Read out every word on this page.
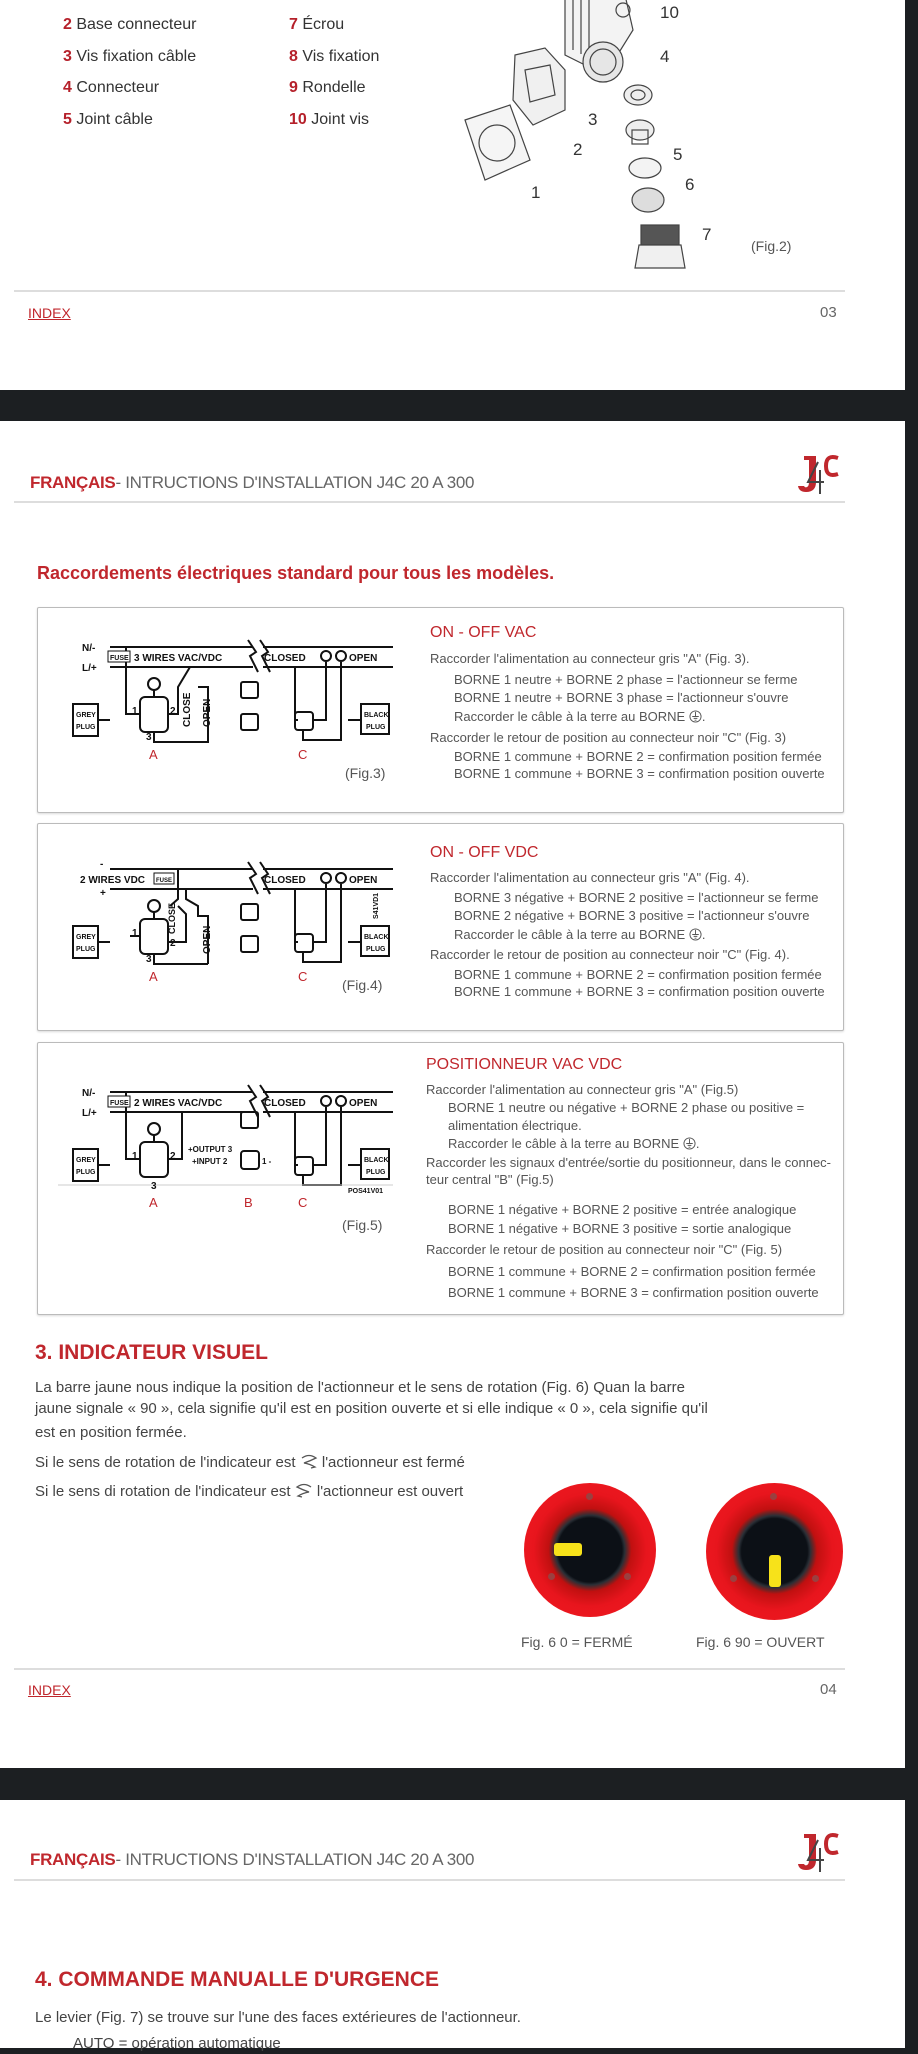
2 Base connecteur
3 Vis fixation câble
4 Connecteur
5 Joint câble
7 Écrou
8 Vis fixation
9 Rondelle
10 Joint vis
10
4
3
2
1
5
6
7
(Fig.2)
INDEX	03
FRANÇAIS- INTRUCTIONS D'INSTALLATION J4C 20 A 300
Raccordements électriques standard pour tous les modèles.
N/-
L/+
FUSE 3 WIRES VAC/VDC	CLOSED	OPEN
GREY
PLUG
BLACK
PLUG
CLOSE OPEN
1	2
3
A	C
(Fig.3)
ON - OFF VAC
Raccorder l'alimentation au connecteur gris "A" (Fig. 3).
BORNE 1 neutre + BORNE 2 phase = l'actionneur se ferme
BORNE 1 neutre + BORNE 3 phase = l'actionneur s'ouvre
Raccorder le câble à la terre au BORNE .
Raccorder le retour de position au connecteur noir "C" (Fig. 3)
BORNE 1 commune + BORNE 2 = confirmation position fermée
BORNE 1 commune + BORNE 3 = confirmation position ouverte
-
+
2 WIRES VDC FUSE	CLOSED	OPEN
GREY
PLUG
BLACK
PLUG
CLOSE
OPEN
S41VD1
1
2
3
A	C
(Fig.4)
ON - OFF VDC
Raccorder l'alimentation au connecteur gris "A" (Fig. 4).
BORNE 3 négative + BORNE 2 positive = l'actionneur se ferme
BORNE 2 négative + BORNE 3 positive = l'actionneur s'ouvre
Raccorder le câble à la terre au BORNE .
Raccorder le retour de position au connecteur noir "C" (Fig. 4).
BORNE 1 commune + BORNE 2 = confirmation position fermée
BORNE 1 commune + BORNE 3 = confirmation position ouverte
N/-
L/+
FUSE 2 WIRES VAC/VDC	CLOSED	OPEN
GREY
PLUG
BLACK
PLUG
+OUTPUT 3
+INPUT 2	1 -
POS41V01
1	2
3
A	B	C
(Fig.5)
POSITIONNEUR VAC VDC
Raccorder l'alimentation au connecteur gris "A" (Fig.5)
BORNE 1 neutre ou négative + BORNE 2 phase ou positive =
alimentation électrique.
Raccorder le câble à la terre au BORNE .
Raccorder les signaux d'entrée/sortie du positionneur, dans le connec-
teur central "B" (Fig.5)
BORNE 1 négative + BORNE 2 positive = entrée analogique
BORNE 1 négative + BORNE 3 positive = sortie analogique
Raccorder le retour de position au connecteur noir "C" (Fig. 5)
BORNE 1 commune + BORNE 2 = confirmation position fermée
BORNE 1 commune + BORNE 3 = confirmation position ouverte
3. INDICATEUR VISUEL
La barre jaune nous indique la position de l'actionneur et le sens de rotation (Fig. 6) Quan la barre
jaune signale « 90 », cela signifie qu'il est en position ouverte et si elle indique « 0 », cela signifie qu'il
est en position fermée.
Si le sens de rotation de l'indicateur est l'actionneur est fermé
Si le sens di rotation de l'indicateur est l'actionneur est ouvert
Fig. 6 0 = FERMÉ	Fig. 6 90 = OUVERT
INDEX	04
FRANÇAIS- INTRUCTIONS D'INSTALLATION J4C 20 A 300
4. COMMANDE MANUALLE D'URGENCE
Le levier (Fig. 7) se trouve sur l'une des faces extérieures de l'actionneur.
AUTO = opération automatique
